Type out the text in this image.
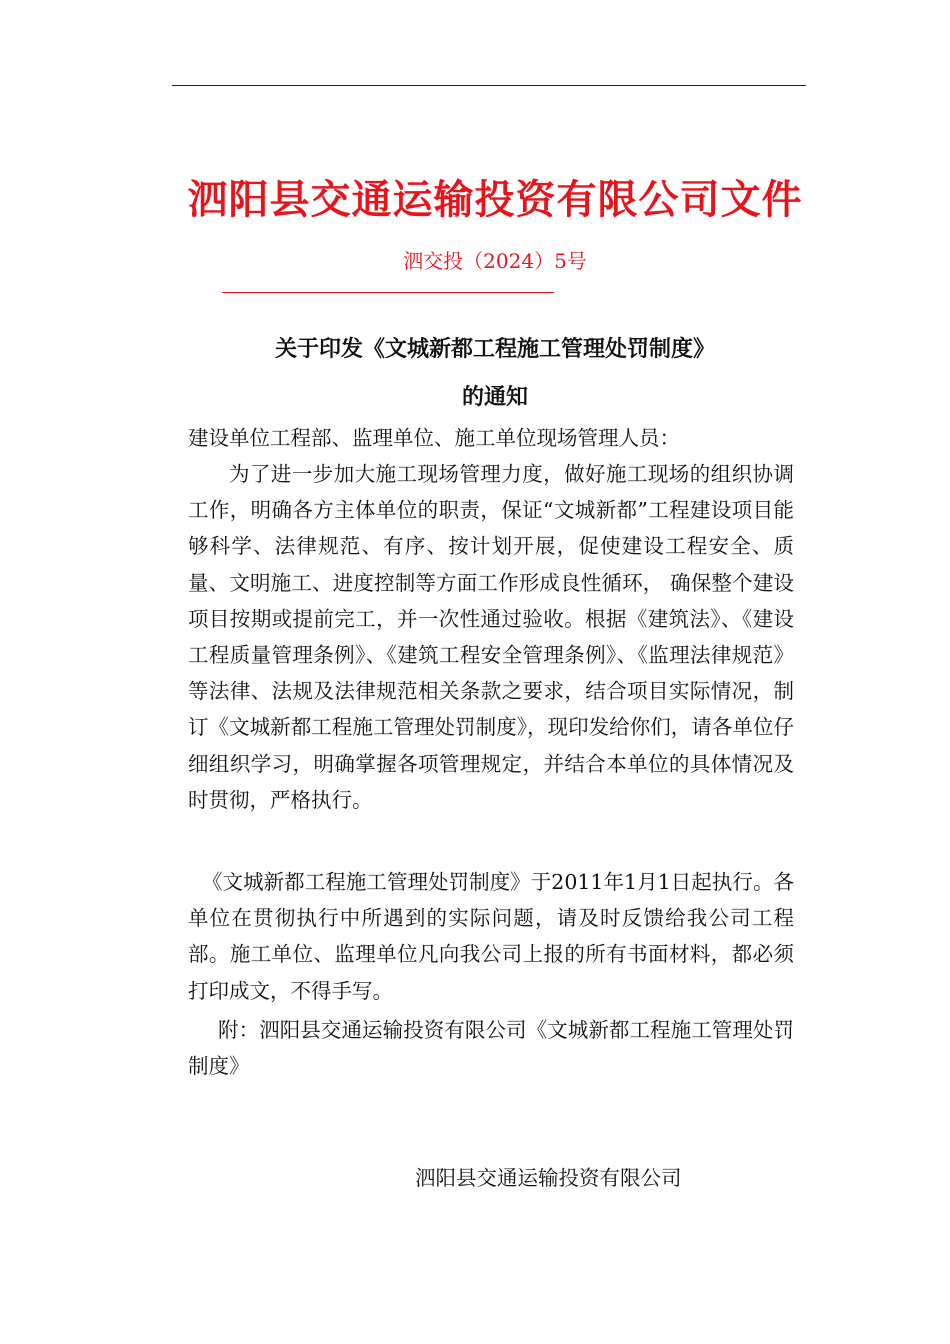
泗阳县交通运输投资有限公司文件
泗交投（2024）5号
关于印发《文城新都工程施工管理处罚制度》
的通知
建设单位工程部、监理单位、施工单位现场管理人员：
为了进一步加大施工现场管理力度，做好施工现场的组织协调工作，明确各方主体单位的职责，保证“文城新都”工程建设项目能够科学、法律规范、有序、按计划开展，促使建设工程安全、质量、文明施工、进度控制等方面工作形成良性循环， 确保整个建设项目按期或提前完工，并一次性通过验收。根据《建筑法》、《建设工程质量管理条例》、《建筑工程安全管理条例》、《监理法律规范》等法律、法规及法律规范相关条款之要求，结合项目实际情况，制订《文城新都工程施工管理处罚制度》，现印发给你们，请各单位仔细组织学习，明确掌握各项管理规定，并结合本单位的具体情况及时贯彻，严格执行。
《文城新都工程施工管理处罚制度》于2011年1月1日起执行。各单位在贯彻执行中所遇到的实际问题，请及时反馈给我公司工程部。施工单位、监理单位凡向我公司上报的所有书面材料，都必须打印成文，不得手写。
附：泗阳县交通运输投资有限公司《文城新都工程施工管理处罚制度》
泗阳县交通运输投资有限公司
